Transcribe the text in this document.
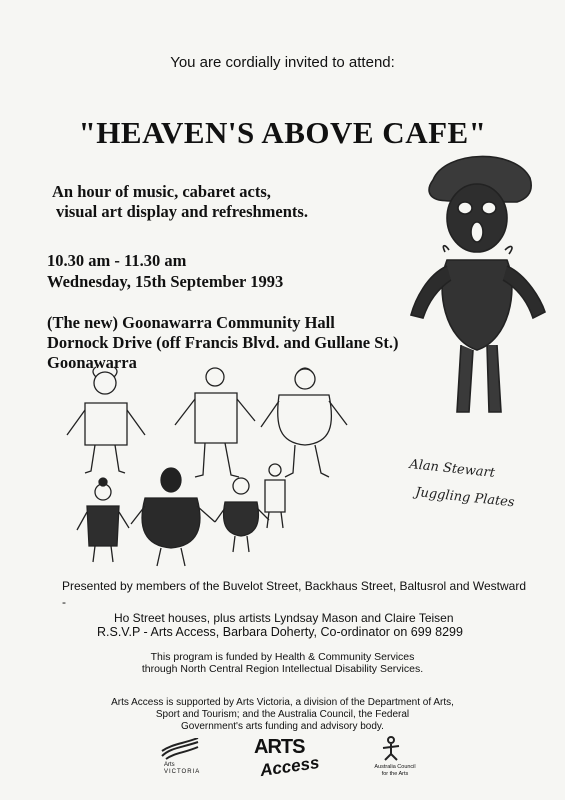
You are cordially invited to attend:
"HEAVEN'S ABOVE CAFE"
An hour of music, cabaret acts,
visual art display and refreshments.
10.30 am - 11.30 am
Wednesday, 15th September 1993
(The new) Goonawarra Community Hall
Dornock Drive (off Francis Blvd. and Gullane St.)
Goonawarra
Alan Stewart
Juggling Plates
Presented by members of the Buvelot Street, Backhaus Street, Baltusrol and Westward -
Ho Street houses, plus artists Lyndsay Mason and Claire Teisen
R.S.V.P - Arts Access, Barbara Doherty, Co-ordinator on 699 8299
This program is funded by Health & Community Services
through North Central Region Intellectual Disability Services.
Arts Access is supported by Arts Victoria, a division of the Department of Arts,
Sport and Tourism; and the Australia Council, the Federal
Government's arts funding and advisory body.
Arts
VICTORIA
ARTS
Access	Australia Council
for the Arts
